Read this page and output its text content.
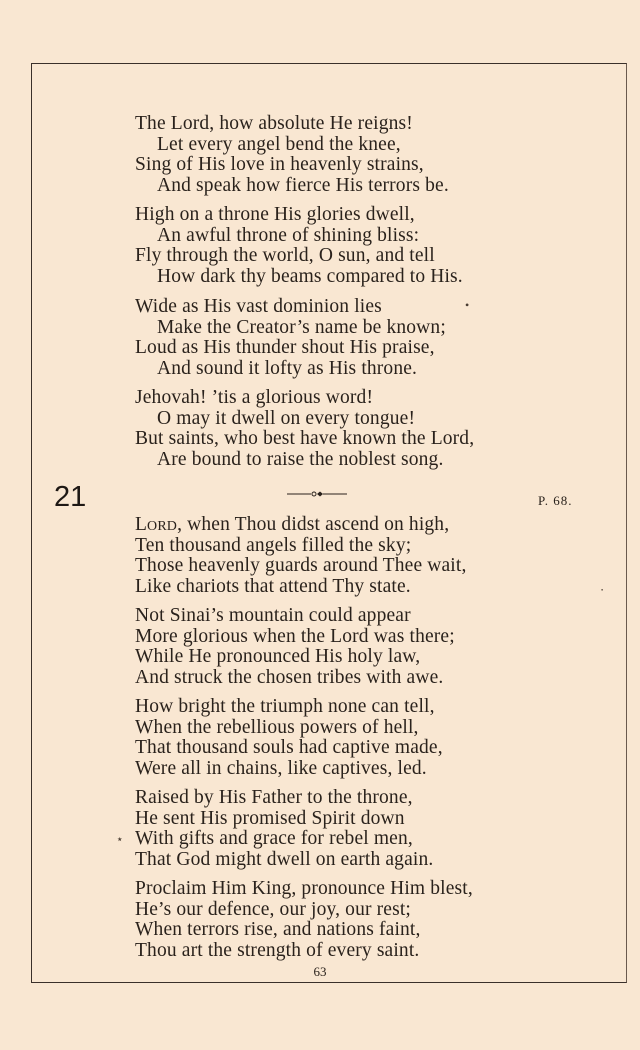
The Lord, how absolute He reigns!
Let every angel bend the knee,
Sing of His love in heavenly strains,
And speak how fierce His terrors be.
High on a throne His glories dwell,
An awful throne of shining bliss:
Fly through the world, O sun, and tell
How dark thy beams compared to His.
Wide as His vast dominion lies
Make the Creator’s name be known;
Loud as His thunder shout His praise,
And sound it lofty as His throne.
Jehovah! ’tis a glorious word!
O may it dwell on every tongue!
But saints, who best have known the Lord,
Are bound to raise the noblest song.
21	P. 68.
Lord, when Thou didst ascend on high,
Ten thousand angels filled the sky;
Those heavenly guards around Thee wait,
Like chariots that attend Thy state.
Not Sinai’s mountain could appear
More glorious when the Lord was there;
While He pronounced His holy law,
And struck the chosen tribes with awe.
How bright the triumph none can tell,
When the rebellious powers of hell,
That thousand souls had captive made,
Were all in chains, like captives, led.
Raised by His Father to the throne,
He sent His promised Spirit down
With gifts and grace for rebel men,
That God might dwell on earth again.
Proclaim Him King, pronounce Him blest,
He’s our defence, our joy, our rest;
When terrors rise, and nations faint,
Thou art the strength of every saint.
63
•
⋆
⋅
